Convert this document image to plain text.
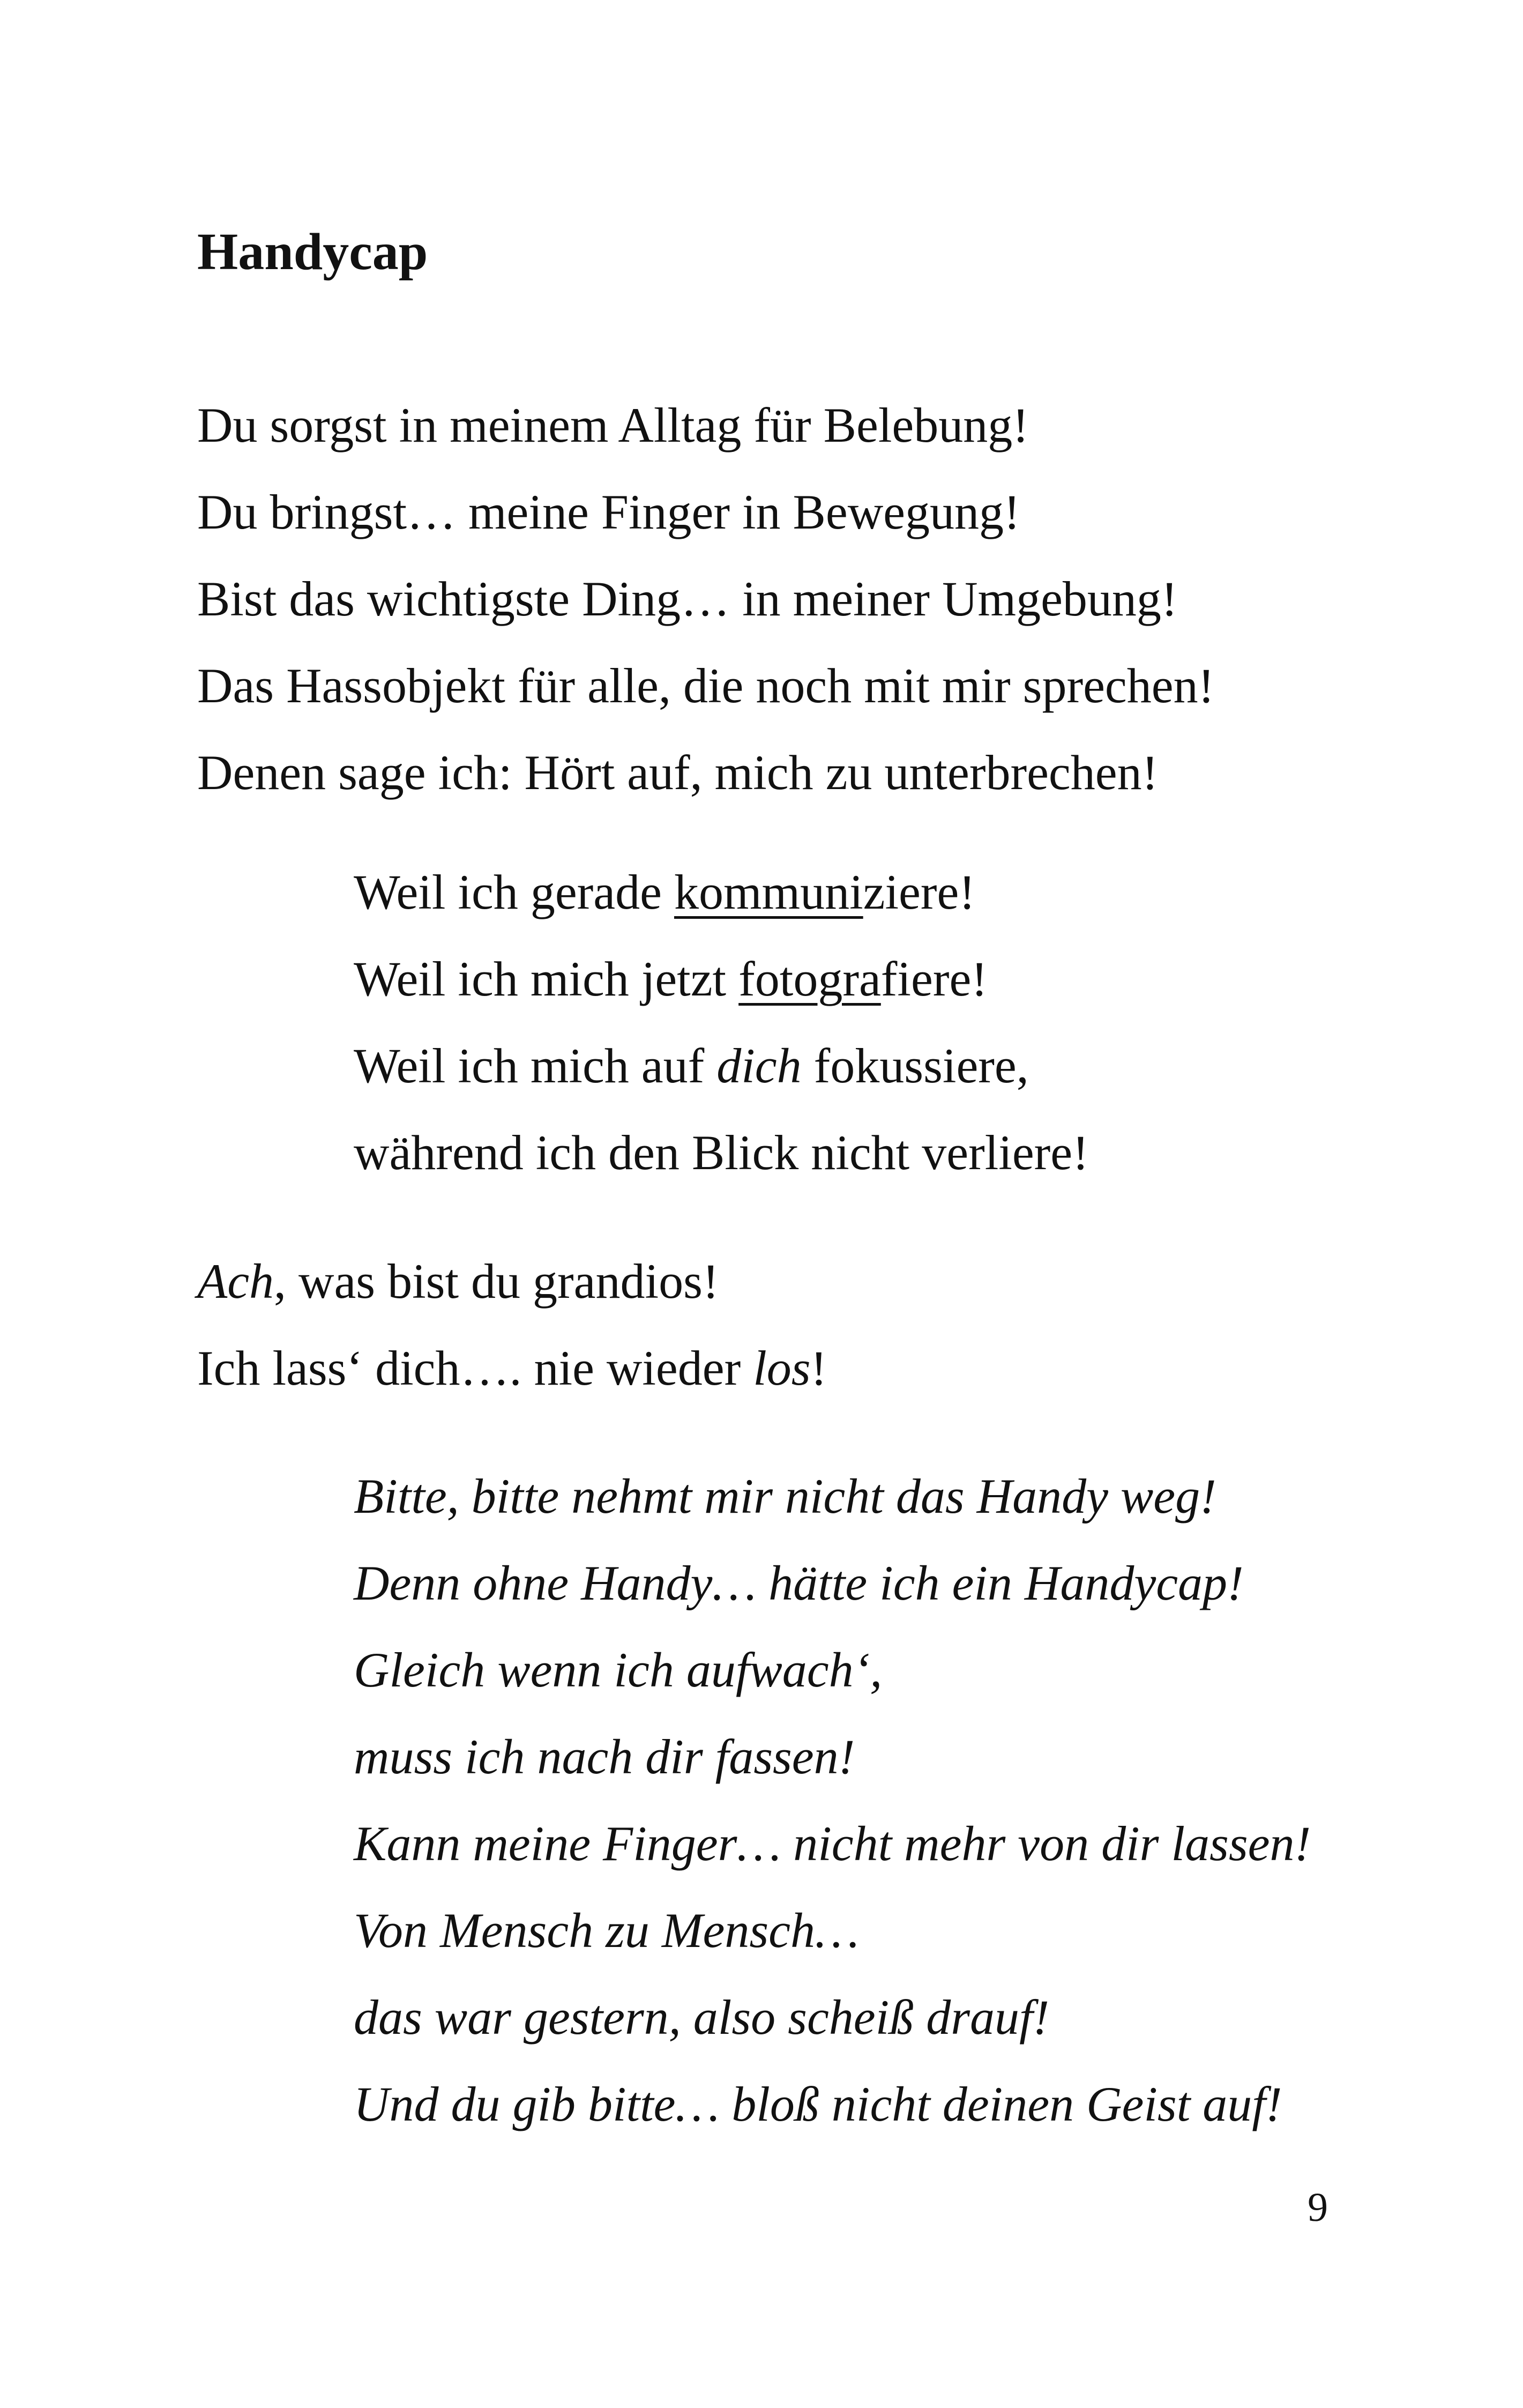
Handycap
Du sorgst in meinem Alltag für Belebung!
Du bringst… meine Finger in Bewegung!
Bist das wichtigste Ding… in meiner Umgebung!
Das Hassobjekt für alle, die noch mit mir sprechen!
Denen sage ich: Hört auf, mich zu unterbrechen!
Weil ich gerade kommuniziere!
Weil ich mich jetzt fotografiere!
Weil ich mich auf dich fokussiere,
während ich den Blick nicht verliere!
Ach, was bist du grandios!
Ich lass‘ dich…. nie wieder los!
Bitte, bitte nehmt mir nicht das Handy weg!
Denn ohne Handy… hätte ich ein Handycap!
Gleich wenn ich aufwach‘,
muss ich nach dir fassen!
Kann meine Finger… nicht mehr von dir lassen!
Von Mensch zu Mensch…
das war gestern, also scheiß drauf!
Und du gib bitte… bloß nicht deinen Geist auf!
9
